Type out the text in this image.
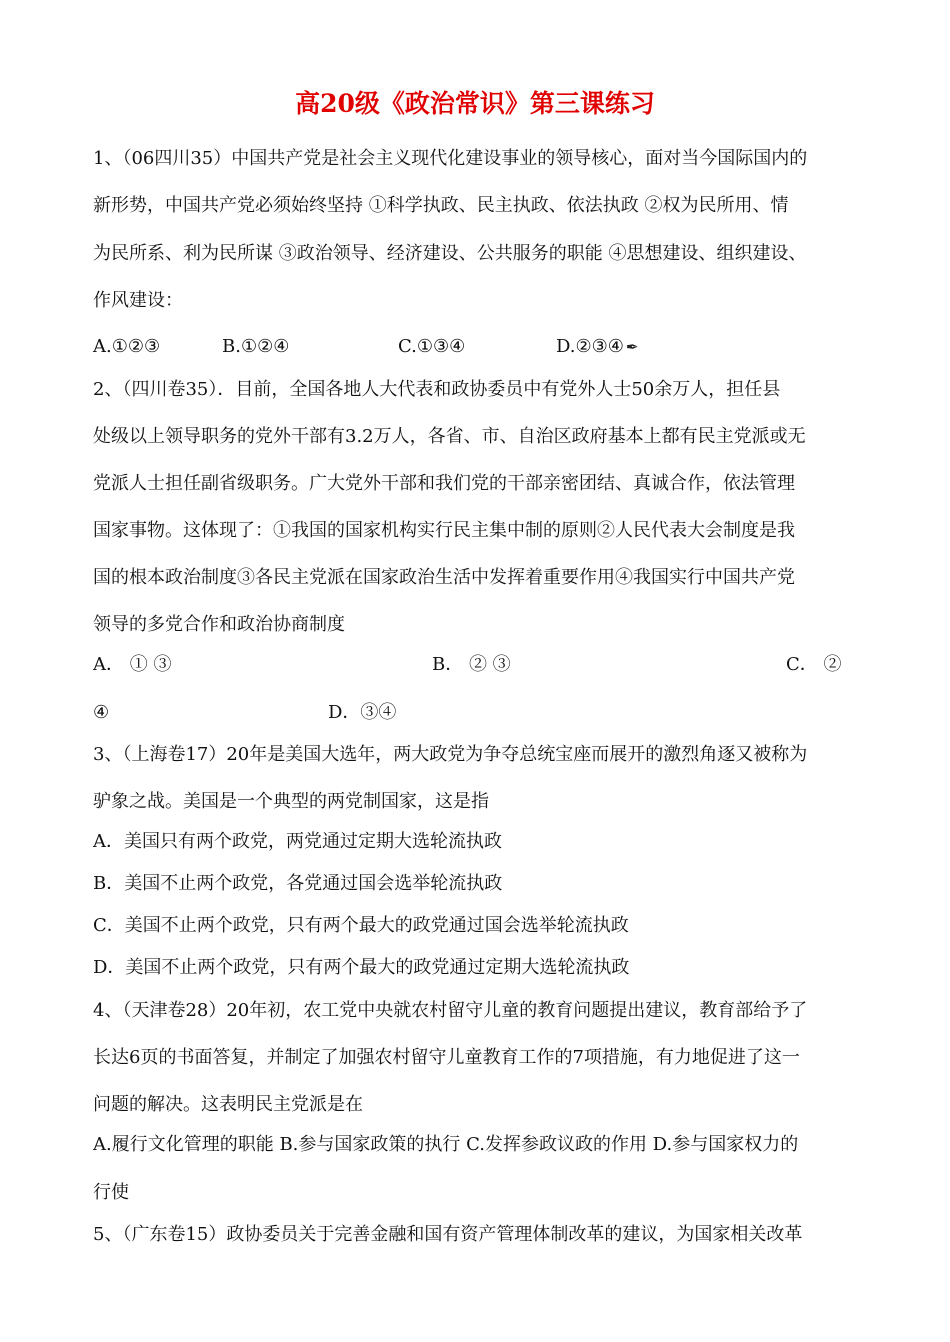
高20级《政治常识》第三课练习
1、（06四川35）中国共产党是社会主义现代化建设事业的领导核心，面对当今国际国内的
新形势，中国共产党必须始终坚持 ①科学执政、民主执政、依法执政 ②权为民所用、情
为民所系、利为民所谋 ③政治领导、经济建设、公共服务的职能 ④思想建设、组织建设、
作风建设：
A.①②③	B.①②④	C.①③④	D.②③④ ✒
2、（四川卷35）．目前，全国各地人大代表和政协委员中有党外人士50余万人，担任县
处级以上领导职务的党外干部有3.2万人，各省、市、自治区政府基本上都有民主党派或无
党派人士担任副省级职务。广大党外干部和我们党的干部亲密团结、真诚合作，依法管理
国家事物。这体现了：①我国的国家机构实行民主集中制的原则②人民代表大会制度是我
国的根本政治制度③各民主党派在国家政治生活中发挥着重要作用④我国实行中国共产党
领导的多党合作和政治协商制度
A． ① ③	B． ② ③	C． ②
④	D．③④
3、（上海卷17）20年是美国大选年，两大政党为争夺总统宝座而展开的激烈角逐又被称为
驴象之战。美国是一个典型的两党制国家，这是指
A．美国只有两个政党，两党通过定期大选轮流执政
B．美国不止两个政党，各党通过国会选举轮流执政
C．美国不止两个政党，只有两个最大的政党通过国会选举轮流执政
D．美国不止两个政党，只有两个最大的政党通过定期大选轮流执政
4、（天津卷28）20年初，农工党中央就农村留守儿童的教育问题提出建议，教育部给予了
长达6页的书面答复，并制定了加强农村留守儿童教育工作的7项措施，有力地促进了这一
问题的解决。这表明民主党派是在
A.履行文化管理的职能 B.参与国家政策的执行 C.发挥参政议政的作用 D.参与国家权力的
行使
5、（广东卷15）政协委员关于完善金融和国有资产管理体制改革的建议，为国家相关改革
